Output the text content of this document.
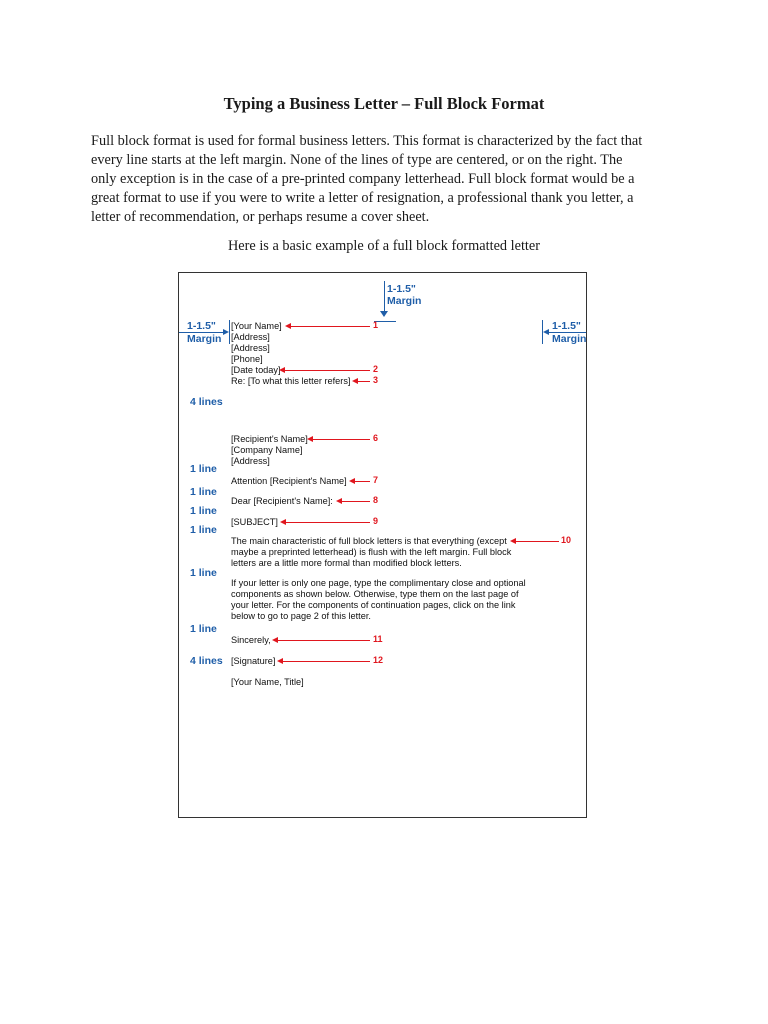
Typing a Business Letter – Full Block Format
Full block format is used for formal business letters. This format is characterized by the fact that
every line starts at the left margin. None of the lines of type are centered, or on the right. The
only exception is in the case of a pre-printed company letterhead. Full block format would be a
great format to use if you were to write a letter of resignation, a professional thank you letter, a
letter of recommendation, or perhaps resume a cover sheet.
Here is a basic example of a full block formatted letter
1-1.5"
Margin
1-1.5"
Margin
1-1.5"
Margin
[Your Name]
[Address]
[Address]
[Phone]
[Date today]
Re: [To what this letter refers]
[Recipient's Name]
[Company Name]
[Address]
Attention [Recipient's Name]
Dear [Recipient's Name]:
[SUBJECT]
The main characteristic of full block letters is that everything (except
maybe a preprinted letterhead) is flush with the left margin. Full block
letters are a little more formal than modified block letters.
If your letter is only one page, type the complimentary close and optional
components as shown below. Otherwise, type them on the last page of
your letter. For the components of continuation pages, click on the link
below to go to page 2 of this letter.
Sincerely,
[Signature]
[Your Name, Title]
4 lines
1 line
1 line
1 line
1 line
1 line
1 line
4 lines
1
2
3
6
7
8
9
10
11
12
